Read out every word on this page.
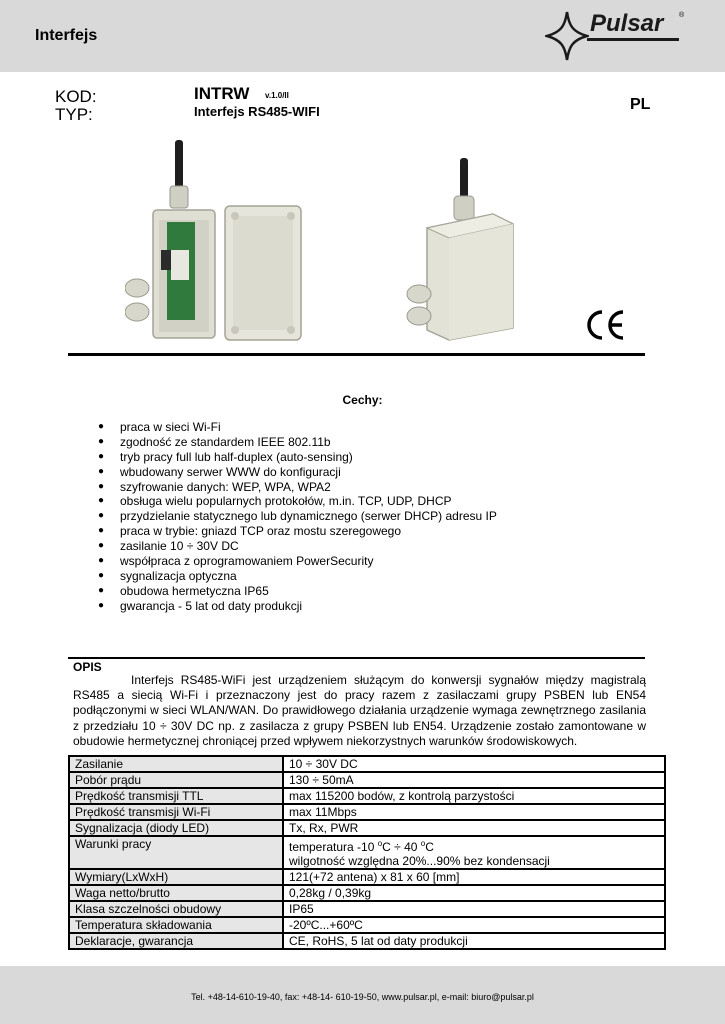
Interfejs	Pulsar ®
KOD:
TYP:
INTRW v.1.0/II
Interfejs RS485-WIFI	PL
CE
Cechy:
● praca w sieci Wi-Fi
● zgodność ze standardem IEEE 802.11b
● tryb pracy full lub half-duplex (auto-sensing)
● wbudowany serwer WWW do konfiguracji
● szyfrowanie danych: WEP, WPA, WPA2
● obsługa wielu popularnych protokołów, m.in. TCP, UDP, DHCP
● przydzielanie statycznego lub dynamicznego (serwer DHCP) adresu IP
● praca w trybie: gniazd TCP oraz mostu szeregowego
● zasilanie 10 ÷ 30V DC
● współpraca z oprogramowaniem PowerSecurity
● sygnalizacja optyczna
● obudowa hermetyczna IP65
● gwarancja - 5 lat od daty produkcji
OPIS
Interfejs RS485-WiFi jest urządzeniem służącym do konwersji sygnałów między magistralą RS485 a siecią Wi-Fi i przeznaczony jest do pracy razem z zasilaczami grupy PSBEN lub EN54 podłączonymi w sieci WLAN/WAN. Do prawidłowego działania urządzenie wymaga zewnętrznego zasilania z przedziału 10 ÷ 30V DC np. z zasilacza z grupy PSBEN lub EN54. Urządzenie zostało zamontowane w obudowie hermetycznej chroniącej przed wpływem niekorzystnych warunków środowiskowych.
Zasilanie	10 ÷ 30V DC
Pobór prądu	130 ÷ 50mA
Prędkość transmisji TTL	max 115200 bodów, z kontrolą parzystości
Prędkość transmisji Wi-Fi	max 11Mbps
Sygnalizacja (diody LED)	Tx, Rx, PWR
Warunki pracy	temperatura -10 $^o$C ÷ 40 $^o$C
wilgotność względna 20%...90% bez kondensacji

Wymiary(LxWxH)	121(+72 antena) x 81 x 60 [mm]
Waga netto/brutto	0,28kg / 0,39kg
Klasa szczelności obudowy	IP65
Temperatura składowania	-20ºC...+60ºC
Deklaracje, gwarancja	CE, RoHS, 5 lat od daty produkcji
Tel. +48-14-610-19-40, fax: +48-14- 610-19-50, www.pulsar.pl, e-mail: biuro@pulsar.pl
